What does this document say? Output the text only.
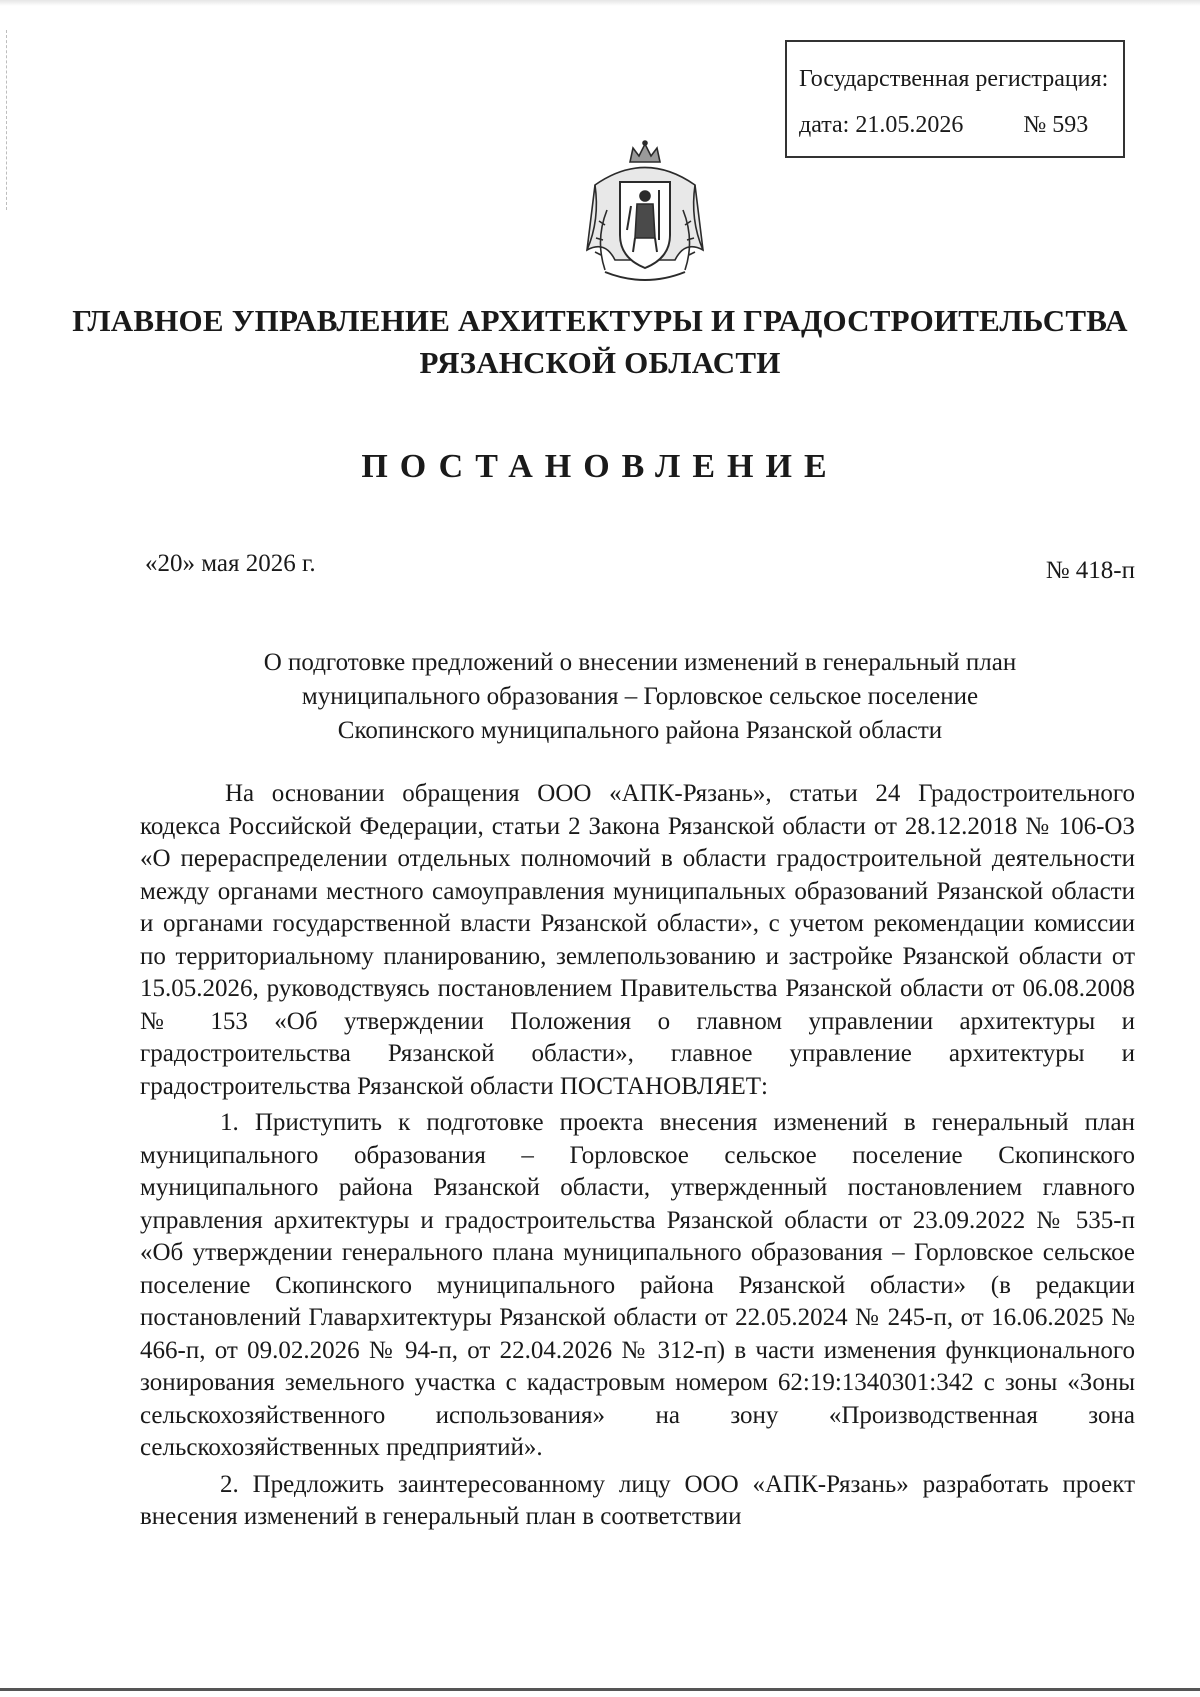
Государственная регистрация:
дата: 21.05.2026	№ 593
ГЛАВНОЕ УПРАВЛЕНИЕ АРХИТЕКТУРЫ И ГРАДОСТРОИТЕЛЬСТВА
РЯЗАНСКОЙ ОБЛАСТИ
ПОСТАНОВЛЕНИЕ
«20» мая 2026 г.	№ 418-п
О подготовке предложений о внесении изменений в генеральный план
муниципального образования – Горловское сельское поселение
Скопинского муниципального района Рязанской области

На основании обращения ООО «АПК-Рязань», статьи 24 Градостроительного кодекса Российской Федерации, статьи 2 Закона Рязанской области от 28.12.2018 № 106-ОЗ «О перераспределении отдельных полномочий в области градостроительной деятельности между органами местного самоуправления муниципальных образований Рязанской области и органами государственной власти Рязанской области», с учетом рекомендации комиссии по территориальному планированию, землепользованию и застройке Рязанской области от 15.05.2026, руководствуясь постановлением Правительства Рязанской области от 06.08.2008 № 153 «Об утверждении Положения о главном управлении архитектуры и градостроительства Рязанской области», главное управление архитектуры и градостроительства Рязанской области ПОСТАНОВЛЯЕТ:

1. Приступить к подготовке проекта внесения изменений в генеральный план муниципального образования – Горловское сельское поселение Скопинского муниципального района Рязанской области, утвержденный постановлением главного управления архитектуры и градостроительства Рязанской области от 23.09.2022 № 535-п «Об утверждении генерального плана муниципального образования – Горловское сельское поселение Скопинского муниципального района Рязанской области» (в редакции постановлений Главархитектуры Рязанской области от 22.05.2024 № 245-п, от 16.06.2025 № 466-п, от 09.02.2026 № 94-п, от 22.04.2026 № 312-п) в части изменения функционального зонирования земельного участка с кадастровым номером 62:19:1340301:342 с зоны «Зоны сельскохозяйственного использования» на зону «Производственная зона сельскохозяйственных предприятий».

2. Предложить заинтересованному лицу ООО «АПК-Рязань» разработать проект внесения изменений в генеральный план в соответствии
